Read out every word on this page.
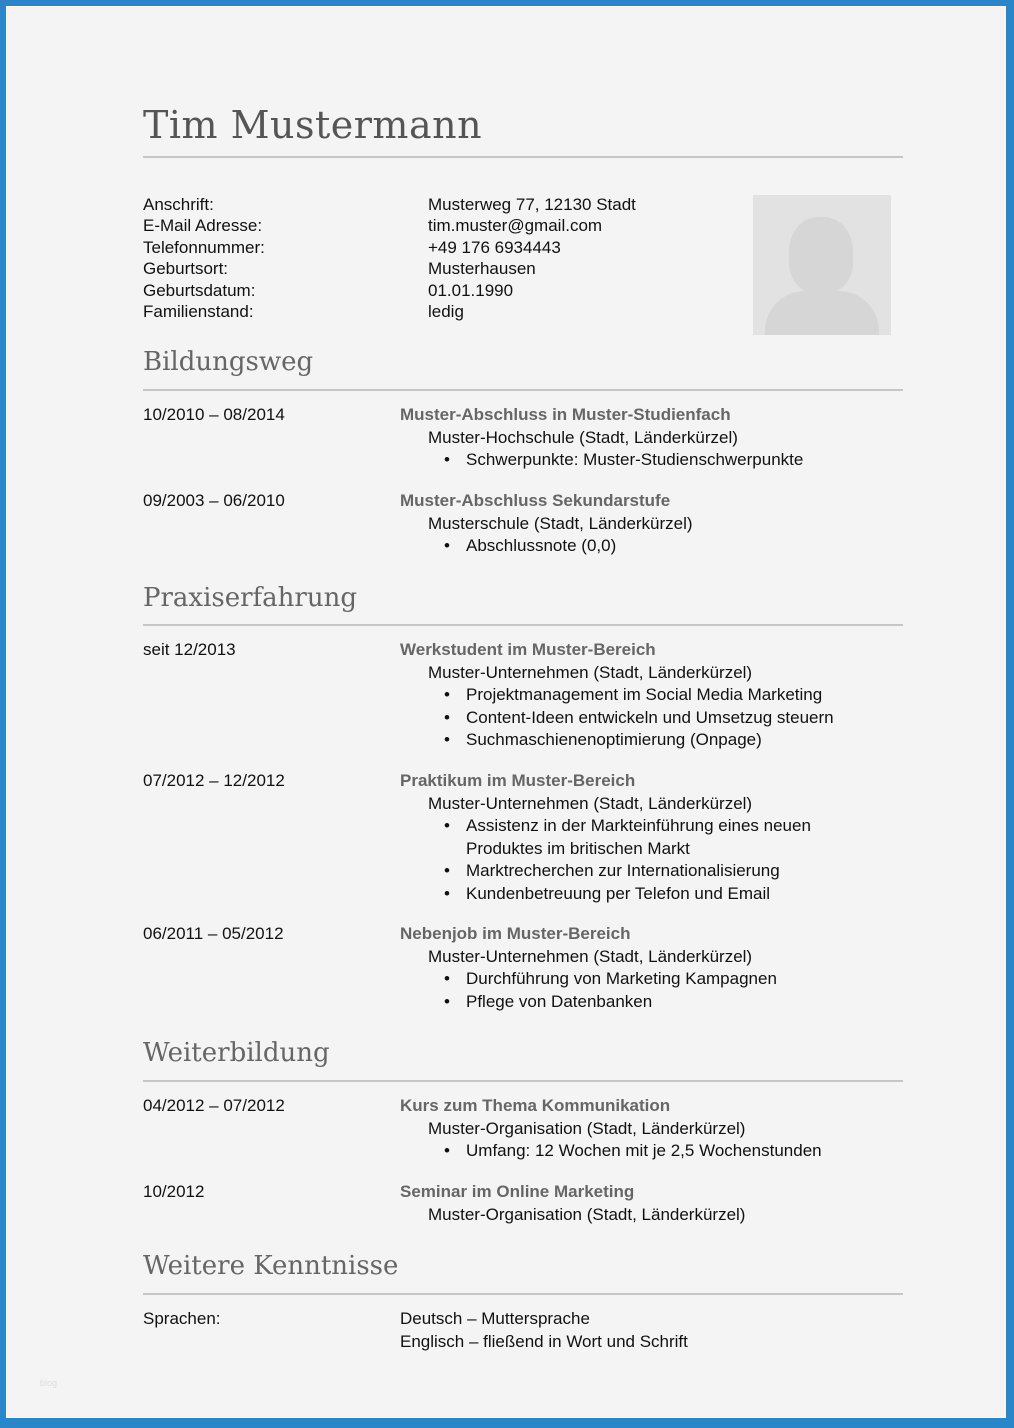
Tim Mustermann
Anschrift:	Musterweg 77, 12130 Stadt
E-Mail Adresse:	tim.muster@gmail.com
Telefonnummer:	+49 176 6934443
Geburtsort:	Musterhausen
Geburtsdatum:	01.01.1990
Familienstand:	ledig
Bildungsweg
10/2010 – 08/2014	Muster-Abschluss in Muster-Studienfach
Muster-Hochschule (Stadt, Länderkürzel)
• Schwerpunkte: Muster-Studienschwerpunkte
09/2003 – 06/2010	Muster-Abschluss Sekundarstufe
Musterschule (Stadt, Länderkürzel)
• Abschlussnote (0,0)
Praxiserfahrung
seit 12/2013	Werkstudent im Muster-Bereich
Muster-Unternehmen (Stadt, Länderkürzel)
• Projektmanagement im Social Media Marketing
• Content-Ideen entwickeln und Umsetzug steuern
• Suchmaschienenoptimierung (Onpage)
07/2012 – 12/2012	Praktikum im Muster-Bereich
Muster-Unternehmen (Stadt, Länderkürzel)
• Assistenz in der Markteinführung eines neuen
Produktes im britischen Markt
• Marktrecherchen zur Internationalisierung
• Kundenbetreuung per Telefon und Email
06/2011 – 05/2012	Nebenjob im Muster-Bereich
Muster-Unternehmen (Stadt, Länderkürzel)
• Durchführung von Marketing Kampagnen
• Pflege von Datenbanken
Weiterbildung
04/2012 – 07/2012	Kurs zum Thema Kommunikation
Muster-Organisation (Stadt, Länderkürzel)
• Umfang: 12 Wochen mit je 2,5 Wochenstunden
10/2012	Seminar im Online Marketing
Muster-Organisation (Stadt, Länderkürzel)
Weitere Kenntnisse
Sprachen:	Deutsch – Muttersprache
Englisch – fließend in Wort und Schrift
blog
